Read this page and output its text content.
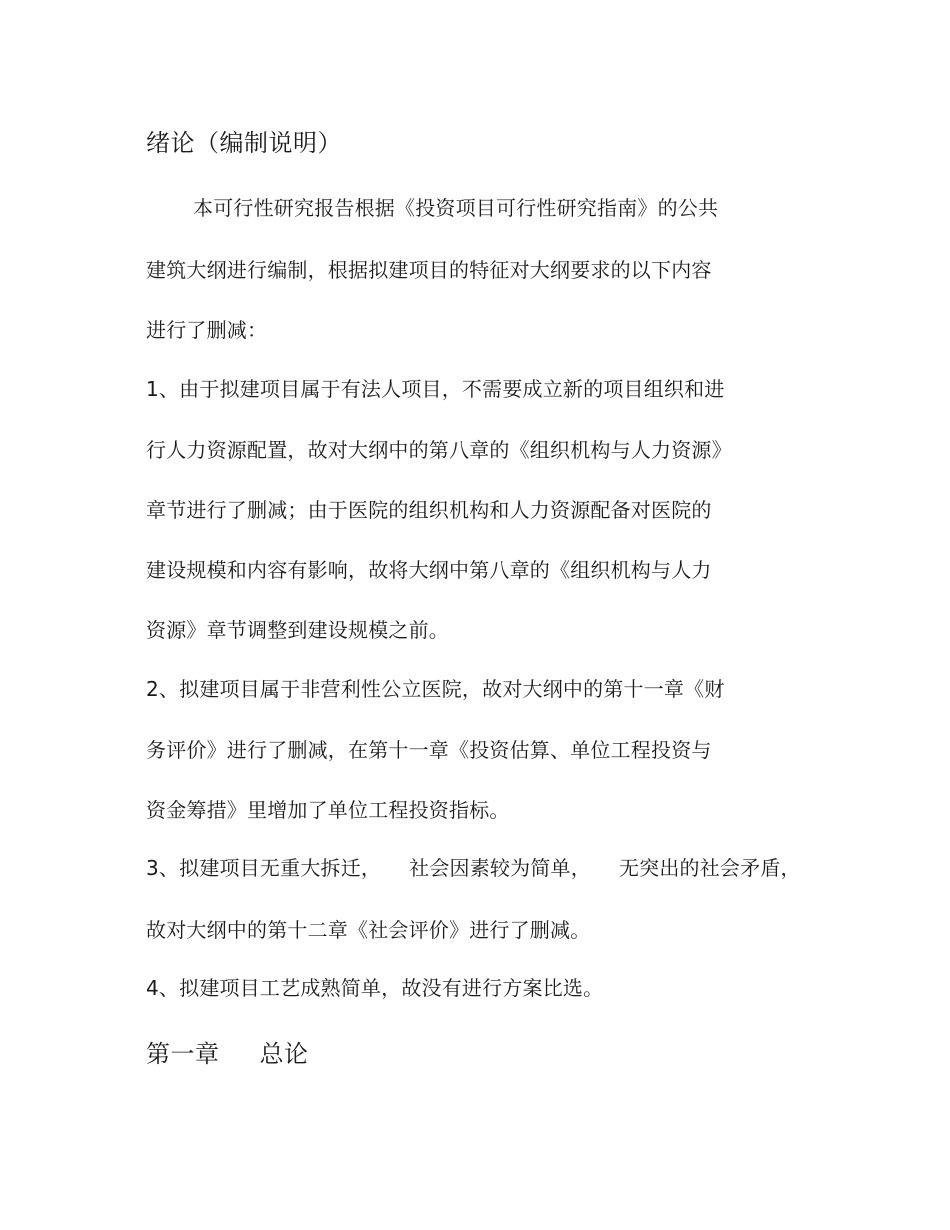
绪论（编制说明）
本可行性研究报告根据《投资项目可行性研究指南》的公共
建筑大纲进行编制，根据拟建项目的特征对大纲要求的以下内容
进行了删减：
1、由于拟建项目属于有法人项目，不需要成立新的项目组织和进
行人力资源配置，故对大纲中的第八章的《组织机构与人力资源》
章节进行了删减；由于医院的组织机构和人力资源配备对医院的
建设规模和内容有影响，故将大纲中第八章的《组织机构与人力
资源》章节调整到建设规模之前。
2、拟建项目属于非营利性公立医院，故对大纲中的第十一章《财
务评价》进行了删减，在第十一章《投资估算、单位工程投资与
资金筹措》里增加了单位工程投资指标。
3、拟建项目无重大拆迁， 社会因素较为简单， 无突出的社会矛盾，
故对大纲中的第十二章《社会评价》进行了删减。
4、拟建项目工艺成熟简单，故没有进行方案比选。
第一章 总论
